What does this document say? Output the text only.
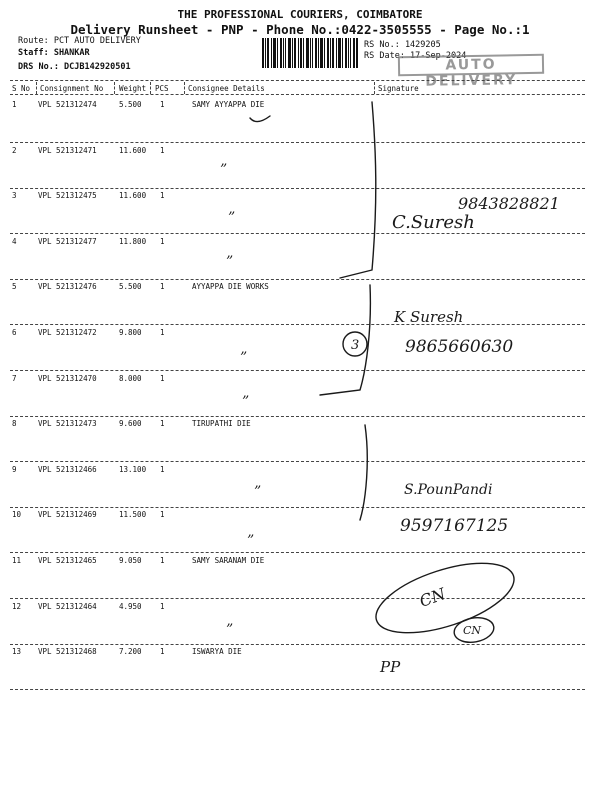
THE PROFESSIONAL COURIERS, COIMBATORE
Delivery Runsheet - PNP - Phone No.:0422-3505555 - Page No.:1
Route: PCT AUTO DELIVERY
Staff: SHANKAR
DRS No.: DCJB142920501
RS No.: 1429205
RS Date: 17-Sep-2024
AUTO DELIVERY
S No Consignment No Weight PCS	Consignee Details	Signature
1	VPL 521312474	5.500 1	SAMY AYYAPPA DIE
2	VPL 521312471	11.600 1
3	VPL 521312475	11.600 1
4	VPL 521312477	11.800 1
5	VPL 521312476	5.500 1	AYYAPPA DIE WORKS
6	VPL 521312472	9.800 1
7	VPL 521312470	8.000 1
8	VPL 521312473	9.600 1	TIRUPATHI DIE
9	VPL 521312466	13.100 1
10 VPL 521312469	11.500 1
11 VPL 521312465	9.050 1	SAMY SARANAM DIE
12 VPL 521312464	4.950 1
13 VPL 521312468	7.200 1	ISWARYA DIE
9843828821
C.Suresh
K Suresh
9865660630
3
S.PounPandi
9597167125
CN
CN
PP
”
”
”
”
”
”
”
”
